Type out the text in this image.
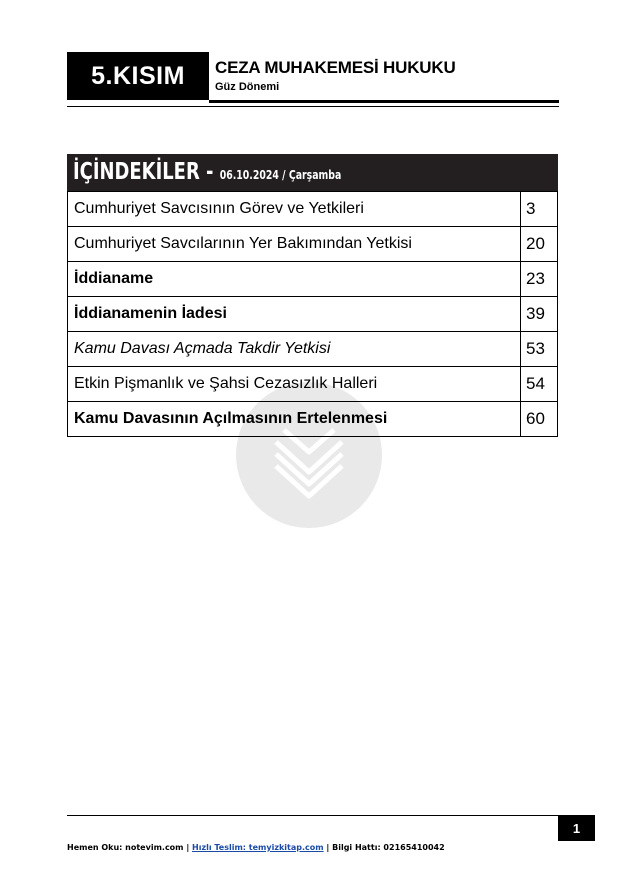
5.KISIM	CEZA MUHAKEMESİ HUKUKU
Güz Dönemi
İÇİNDEKİLER - 06.10.2024 / Çarşamba
Cumhuriyet Savcısının Görev ve Yetkileri	3
Cumhuriyet Savcılarının Yer Bakımından Yetkisi	20
İddianame	23
İddianamenin İadesi	39
Kamu Davası Açmada Takdir Yetkisi	53
Etkin Pişmanlık ve Şahsi Cezasızlık Halleri	54
Kamu Davasının Açılmasının Ertelenmesi	60
1
Hemen Oku: notevim.com | Hızlı Teslim: temyizkitap.com | Bilgi Hattı: 02165410042
